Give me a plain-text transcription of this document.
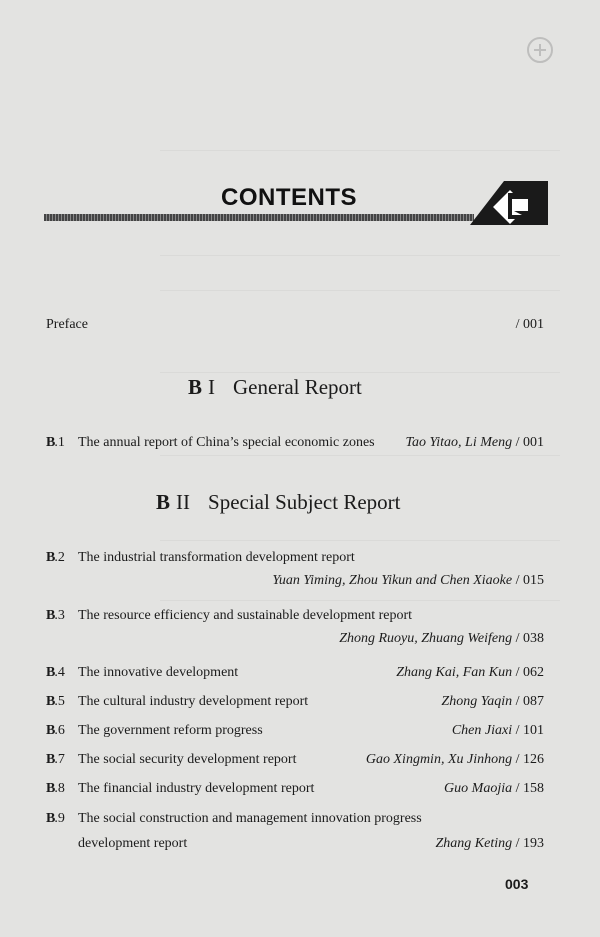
CONTENTS
Preface	/ 001
B I General Report
B.1 The annual report of China’s special economic zones Tao Yitao, Li Meng / 001
B II Special Subject Report
B.2 The industrial transformation development report
Yuan Yiming, Zhou Yikun and Chen Xiaoke / 015
B.3 The resource efficiency and sustainable development report
Zhong Ruoyu, Zhuang Weifeng / 038
B.4 The innovative development	Zhang Kai, Fan Kun / 062
B.5 The cultural industry development report	Zhong Yaqin / 087
B.6 The government reform progress	Chen Jiaxi / 101
B.7 The social security development report	Gao Xingmin, Xu Jinhong / 126
B.8 The financial industry development report	Guo Maojia / 158
B.9 The social construction and management innovation progress
development report	Zhang Keting / 193
003
